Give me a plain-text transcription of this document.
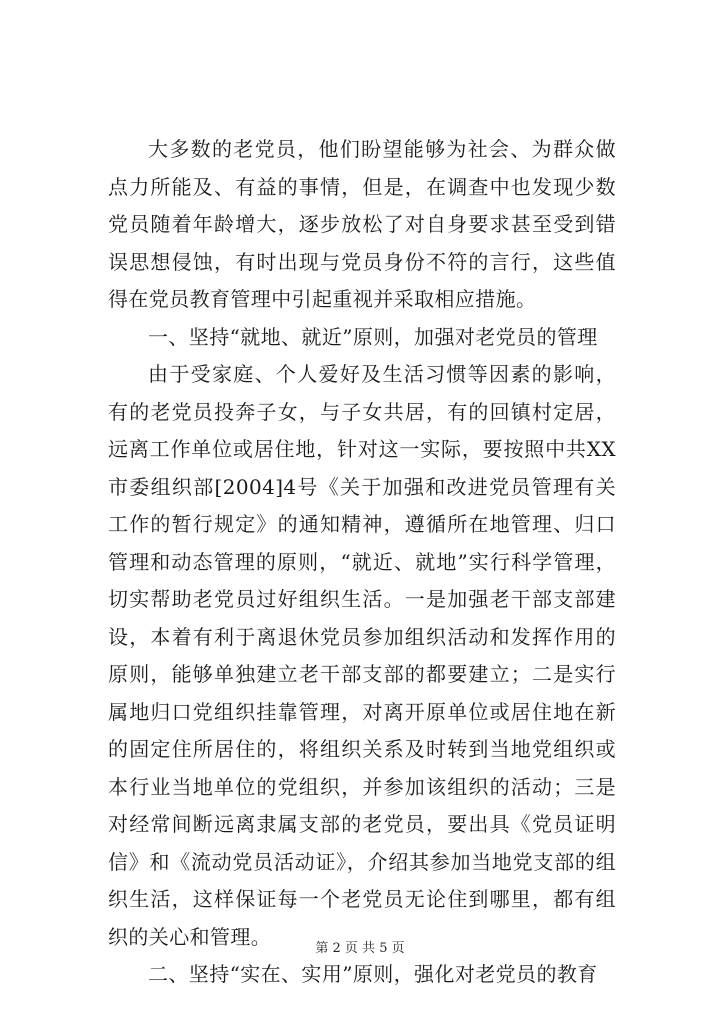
大多数的老党员，他们盼望能够为社会、为群众做点力所能及、有益的事情，但是，在调查中也发现少数党员随着年龄增大，逐步放松了对自身要求甚至受到错误思想侵蚀，有时出现与党员身份不符的言行，这些值得在党员教育管理中引起重视并采取相应措施。

一、坚持“就地、就近”原则，加强对老党员的管理

由于受家庭、个人爱好及生活习惯等因素的影响，有的老党员投奔子女，与子女共居，有的回镇村定居，远离工作单位或居住地，针对这一实际，要按照中共XX市委组织部[2004]4号《关于加强和改进党员管理有关工作的暂行规定》的通知精神，遵循所在地管理、归口管理和动态管理的原则，“就近、就地”实行科学管理，切实帮助老党员过好组织生活。一是加强老干部支部建设，本着有利于离退休党员参加组织活动和发挥作用的原则，能够单独建立老干部支部的都要建立；二是实行属地归口党组织挂靠管理，对离开原单位或居住地在新的固定住所居住的，将组织关系及时转到当地党组织或本行业当地单位的党组织，并参加该组织的活动；三是对经常间断远离隶属支部的老党员，要出具《党员证明信》和《流动党员活动证》，介绍其参加当地党支部的组织生活，这样保证每一个老党员无论住到哪里，都有组织的关心和管理。

二、坚持“实在、实用”原则，强化对老党员的教育

第 2 页 共 5 页
